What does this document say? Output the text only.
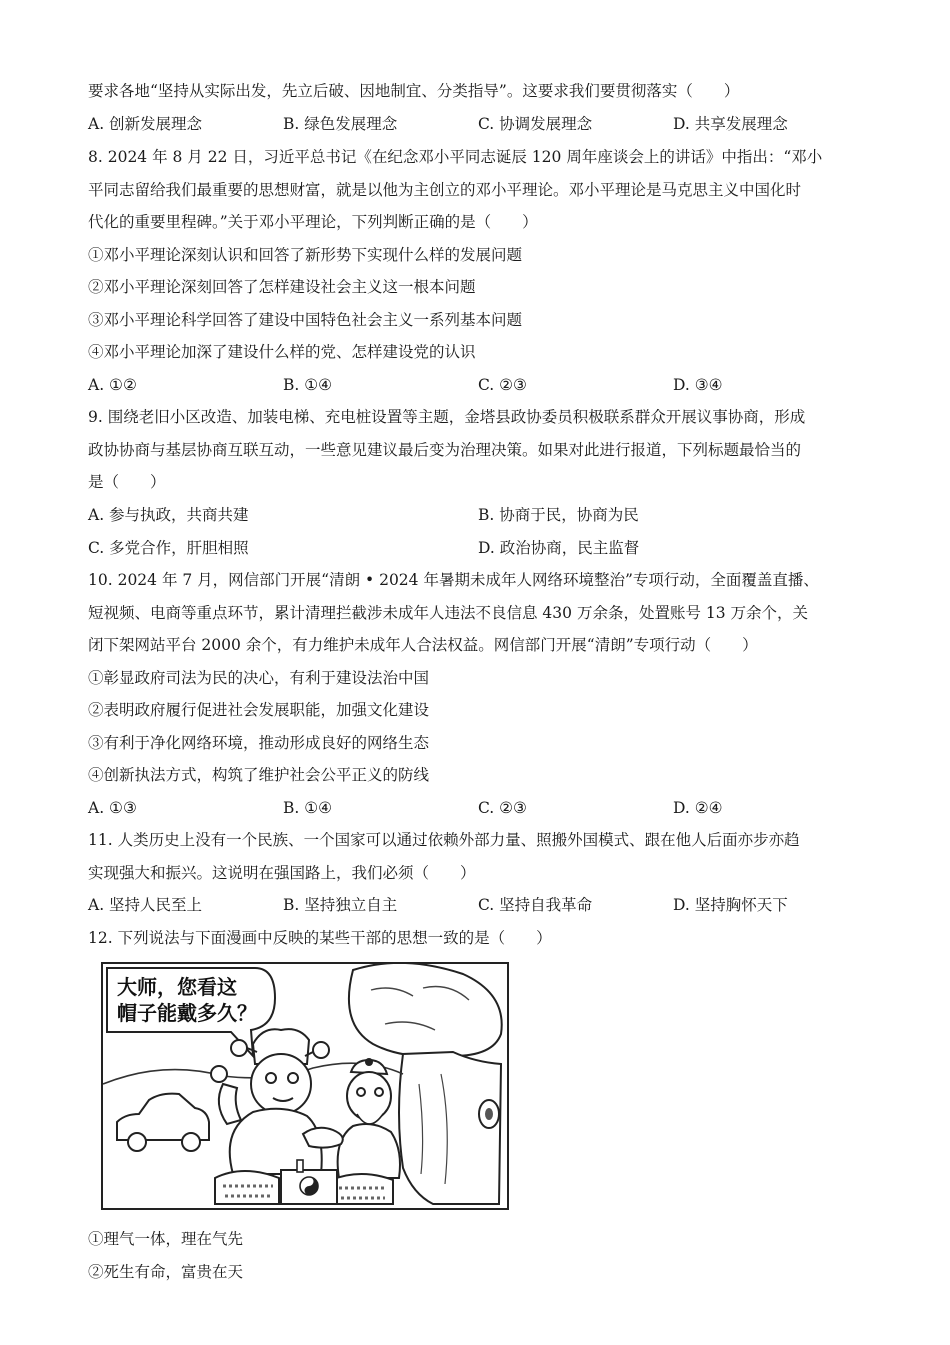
要求各地“坚持从实际出发，先立后破、因地制宜、分类指导”。这要求我们要贯彻落实（　　）
A. 创新发展理念	B. 绿色发展理念	C. 协调发展理念	D. 共享发展理念
8. 2024 年 8 月 22 日，习近平总书记《在纪念邓小平同志诞辰 120 周年座谈会上的讲话》中指出：“邓小
平同志留给我们最重要的思想财富，就是以他为主创立的邓小平理论。邓小平理论是马克思主义中国化时
代化的重要里程碑。”关于邓小平理论，下列判断正确的是（　　）
①邓小平理论深刻认识和回答了新形势下实现什么样的发展问题
②邓小平理论深刻回答了怎样建设社会主义这一根本问题
③邓小平理论科学回答了建设中国特色社会主义一系列基本问题
④邓小平理论加深了建设什么样的党、怎样建设党的认识
A. ①②	B. ①④	C. ②③	D. ③④
9. 围绕老旧小区改造、加装电梯、充电桩设置等主题，金塔县政协委员积极联系群众开展议事协商，形成
政协协商与基层协商互联互动，一些意见建议最后变为治理决策。如果对此进行报道，下列标题最恰当的
是（　　）
A. 参与执政，共商共建	B. 协商于民，协商为民
C. 多党合作，肝胆相照	D. 政治协商，民主监督
10. 2024 年 7 月，网信部门开展“清朗 • 2024 年暑期未成年人网络环境整治”专项行动，全面覆盖直播、
短视频、电商等重点环节，累计清理拦截涉未成年人违法不良信息 430 万余条，处置账号 13 万余个，关
闭下架网站平台 2000 余个，有力维护未成年人合法权益。网信部门开展“清朗”专项行动（　　）
①彰显政府司法为民的决心，有利于建设法治中国
②表明政府履行促进社会发展职能，加强文化建设
③有利于净化网络环境，推动形成良好的网络生态
④创新执法方式，构筑了维护社会公平正义的防线
A. ①③	B. ①④	C. ②③	D. ②④
11. 人类历史上没有一个民族、一个国家可以通过依赖外部力量、照搬外国模式、跟在他人后面亦步亦趋
实现强大和振兴。这说明在强国路上，我们必须（　　）
A. 坚持人民至上	B. 坚持独立自主	C. 坚持自我革命	D. 坚持胸怀天下
12. 下列说法与下面漫画中反映的某些干部的思想一致的是（　　）
大师，您看这
帽子能戴多久？
①理气一体，理在气先
②死生有命，富贵在天
